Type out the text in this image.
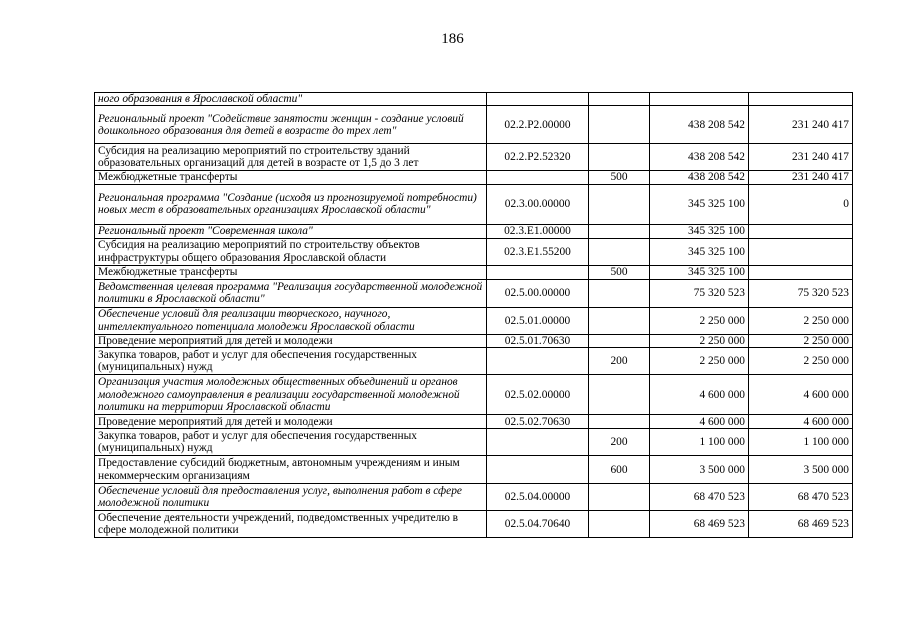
186
ного образования в Ярославской области"				
Региональный проект "Содействие занятости женщин - создание условий дошкольного образования для детей в возрасте до трех лет"	02.2.P2.00000		438 208 542	231 240 417
Субсидия на реализацию мероприятий по строительству зданий образовательных организаций для детей в возрасте от 1,5 до 3 лет	02.2.P2.52320		438 208 542	231 240 417
Межбюджетные трансферты		500	438 208 542	231 240 417
Региональная программа "Создание (исходя из прогнозируемой потребности) новых мест в образовательных организациях Ярославской области"	02.3.00.00000		345 325 100	0
Региональный проект "Современная школа"	02.3.E1.00000		345 325 100	
Субсидия на реализацию мероприятий по строительству объектов инфраструктуры общего образования Ярославской области	02.3.E1.55200		345 325 100	
Межбюджетные трансферты		500	345 325 100	
Ведомственная целевая программа "Реализация государственной молодежной политики в Ярославской области"	02.5.00.00000		75 320 523	75 320 523
Обеспечение условий для реализации творческого, научного, интеллектуального потенциала молодежи Ярославской области	02.5.01.00000		2 250 000	2 250 000
Проведение мероприятий для детей и молодежи	02.5.01.70630		2 250 000	2 250 000
Закупка товаров, работ и услуг для обеспечения государственных (муниципальных) нужд		200	2 250 000	2 250 000
Организация участия молодежных общественных объединений и органов молодежного самоуправления в реализации государственной молодежной политики на территории Ярославской области	02.5.02.00000		4 600 000	4 600 000
Проведение мероприятий для детей и молодежи	02.5.02.70630		4 600 000	4 600 000
Закупка товаров, работ и услуг для обеспечения государственных (муниципальных) нужд		200	1 100 000	1 100 000
Предоставление субсидий бюджетным, автономным учреждениям и иным некоммерческим организациям		600	3 500 000	3 500 000
Обеспечение условий для предоставления услуг, выполнения работ в сфере молодежной политики	02.5.04.00000		68 470 523	68 470 523
Обеспечение деятельности учреждений, подведомственных учредителю в сфере молодежной политики	02.5.04.70640		68 469 523	68 469 523
